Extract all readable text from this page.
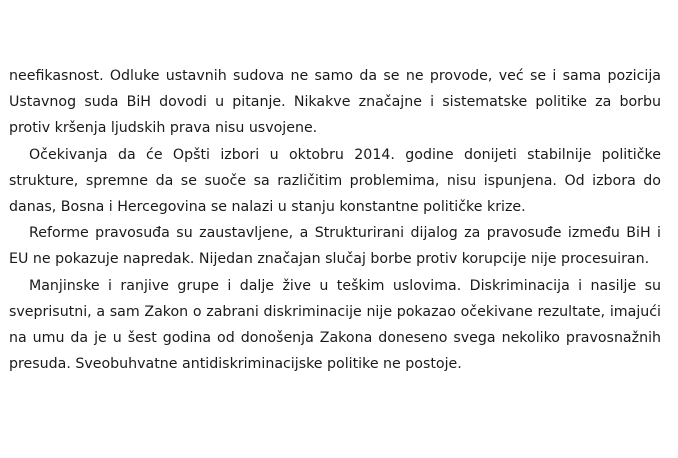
neefikasnost. Odluke ustavnih sudova ne samo da se ne provode, već se i sama pozicija Ustavnog suda BiH dovodi u pitanje. Nikakve značajne i sistematske politike za borbu protiv kršenja ljudskih prava nisu usvojene.

Očekivanja da će Opšti izbori u oktobru 2014. godine donijeti stabilnije političke strukture, spremne da se suoče sa različitim problemima, nisu ispunjena. Od izbora do danas, Bosna i Hercegovina se nalazi u stanju konstantne političke krize.

Reforme pravosuđa su zaustavljene, a Strukturirani dijalog za pravosuđe između BiH i EU ne pokazuje napredak. Nijedan značajan slučaj borbe protiv korupcije nije procesuiran.

Manjinske i ranjive grupe i dalje žive u teškim uslovima. Diskriminacija i nasilje su sveprisutni, a sam Zakon o zabrani diskriminacije nije pokazao očekivane rezultate, imajući na umu da je u šest godina od donošenja Zakona doneseno svega nekoliko pravosnažnih presuda. Sveobuhvatne antidiskriminacijske politike ne postoje.
